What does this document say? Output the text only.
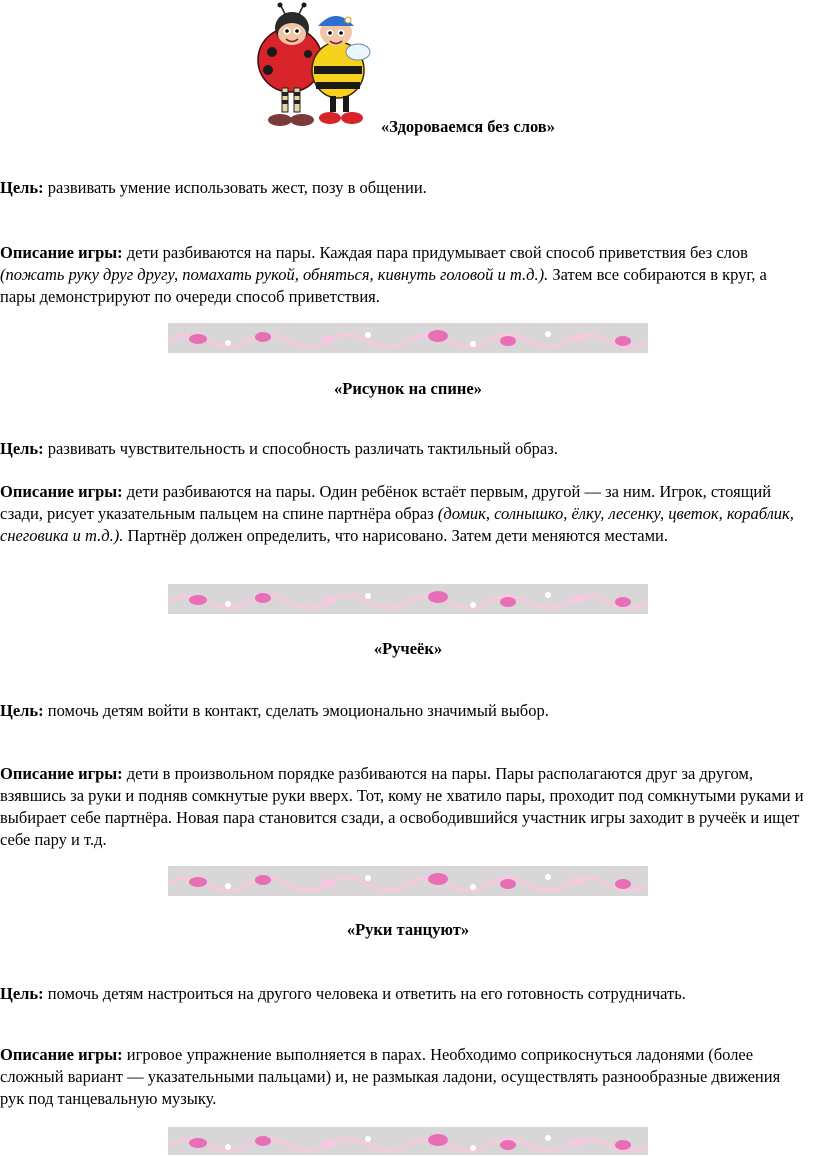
«Здороваемся без слов»

Цель: развивать умение использовать жест, позу в общении.

Описание игры: дети разбиваются на пары. Каждая пара придумывает свой способ приветствия без слов (пожать руку друг другу, помахать рукой, обняться, кивнуть головой и т.д.). Затем все собираются в круг, а пары демонстрируют по очереди способ приветствия.

«Рисунок на спине»

Цель: развивать чувствительность и способность различать тактильный образ.

Описание игры: дети разбиваются на пары. Один ребёнок встаёт первым, другой — за ним. Игрок, стоящий сзади, рисует указательным пальцем на спине партнёра образ (домик, солнышко, ёлку, лесенку, цветок, кораблик, снеговика и т.д.). Партнёр должен определить, что нарисовано. Затем дети меняются местами.

«Ручеёк»

Цель: помочь детям войти в контакт, сделать эмоционально значимый выбор.

Описание игры: дети в произвольном порядке разбиваются на пары. Пары располагаются друг за другом, взявшись за руки и подняв сомкнутые руки вверх. Тот, кому не хватило пары, проходит под сомкнутыми руками и выбирает себе партнёра. Новая пара становится сзади, а освободившийся участник игры заходит в ручеёк и ищет себе пару и т.д.

«Руки танцуют»

Цель: помочь детям настроиться на другого человека и ответить на его готовность сотрудничать.

Описание игры: игровое упражнение выполняется в парах. Необходимо соприкоснуться ладонями (более сложный вариант — указательными пальцами) и, не размыкая ладони, осуществлять разнообразные движения рук под танцевальную музыку.
